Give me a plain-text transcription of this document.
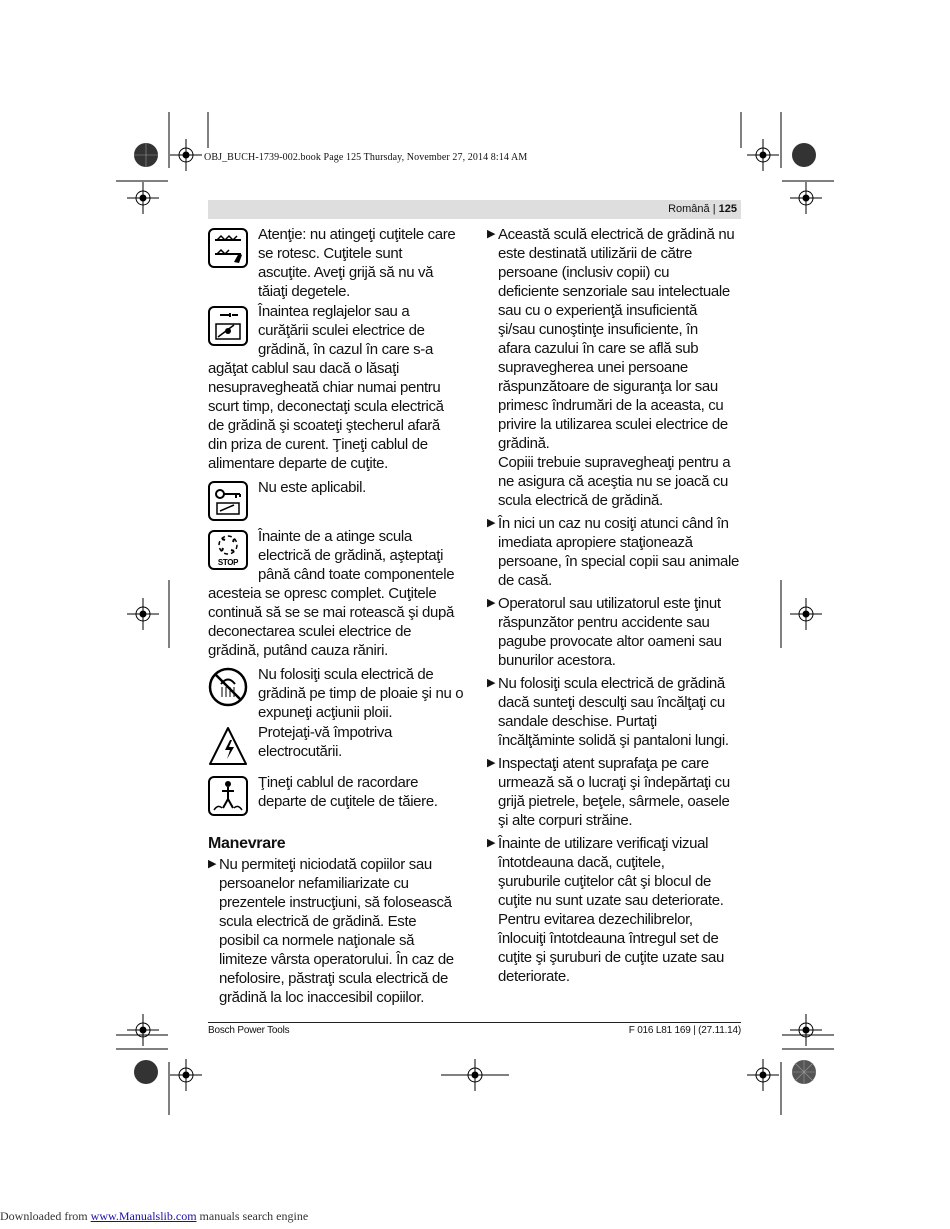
OBJ_BUCH-1739-002.book Page 125 Thursday, November 27, 2014 8:14 AM
Română | 125
Atenţie: nu atingeţi cuţitele care
se rotesc. Cuţitele sunt
ascuţite. Aveţi grijă să nu vă
tăiaţi degetele.
Înaintea reglajelor sau a
curăţării sculei electrice de
grădină, în cazul în care s-a
agăţat cablul sau dacă o lăsaţi
nesupravegheată chiar numai pentru
scurt timp, deconectaţi scula electrică
de grădină şi scoateţi ştecherul afară
din priza de curent. Ţineţi cablul de
alimentare departe de cuţite.
Nu este aplicabil.
STOP
Înainte de a atinge scula
electrică de grădină, aşteptaţi
până când toate componentele
acesteia se opresc complet. Cuţitele
continuă să se se mai rotească şi după
deconectarea sculei electrice de
grădină, putând cauza răniri.
Nu folosiţi scula electrică de
grădină pe timp de ploaie şi nu o
expuneţi acţiunii ploii.
Protejaţi-vă împotriva
electrocutării.
Ţineţi cablul de racordare
departe de cuţitele de tăiere.
Manevrare
▶ Nu permiteţi niciodată copiilor sau
persoanelor nefamiliarizate cu
prezentele instrucţiuni, să folosească
scula electrică de grădină. Este
posibil ca normele naţionale să
limiteze vârsta operatorului. În caz de
nefolosire, păstraţi scula electrică de
grădină la loc inaccesibil copiilor.
▶ Această sculă electrică de grădină nu
este destinată utilizării de către
persoane (inclusiv copii) cu
deficiente senzoriale sau intelectuale
sau cu o experienţă insuficientă
şi/sau cunoştinţe insuficiente, în
afara cazului în care se află sub
supravegherea unei persoane
răspunzătoare de siguranţa lor sau
primesc îndrumări de la aceasta, cu
privire la utilizarea sculei electrice de
grădină.
Copiii trebuie supravegheaţi pentru a
ne asigura că aceştia nu se joacă cu
scula electrică de grădină.
▶ În nici un caz nu cosiţi atunci când în
imediata apropiere staţionează
persoane, în special copii sau animale
de casă.
▶ Operatorul sau utilizatorul este ţinut
răspunzător pentru accidente sau
pagube provocate altor oameni sau
bunurilor acestora.
▶ Nu folosiţi scula electrică de grădină
dacă sunteţi desculţi sau încălţaţi cu
sandale deschise. Purtaţi
încălţăminte solidă şi pantaloni lungi.
▶ Inspectaţi atent suprafaţa pe care
urmează să o lucraţi şi îndepărtaţi cu
grijă pietrele, beţele, sârmele, oasele
şi alte corpuri străine.
▶ Înainte de utilizare verificaţi vizual
întotdeauna dacă, cuţitele,
şuruburile cuţitelor cât şi blocul de
cuţite nu sunt uzate sau deteriorate.
Pentru evitarea dezechilibrelor,
înlocuiţi întotdeauna întregul set de
cuţite şi şuruburi de cuţite uzate sau
deteriorate.
Bosch Power Tools	F 016 L81 169 | (27.11.14)
Downloaded from www.Manualslib.com manuals search engine
